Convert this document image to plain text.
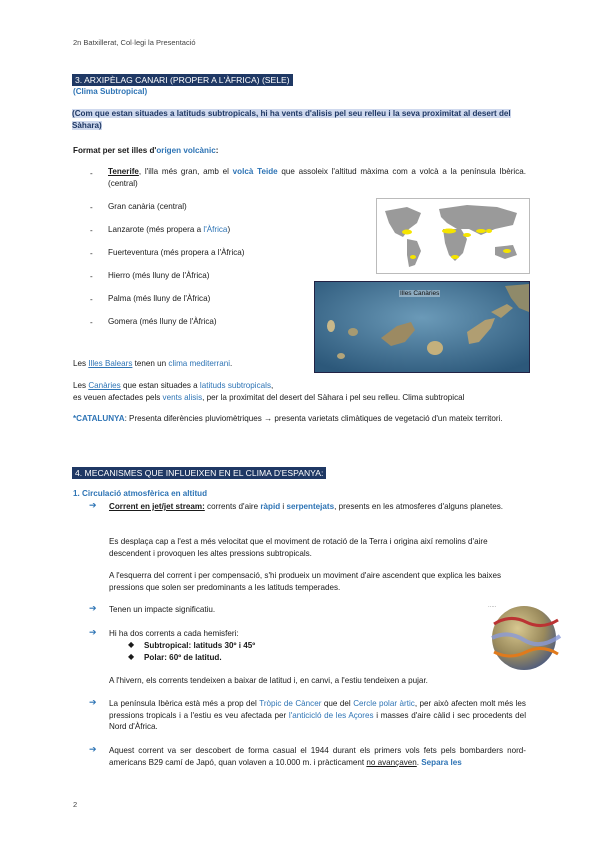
2n Batxillerat, Col·legi la Presentació
3. ARXIPÈLAG CANARI (PROPER A L'ÀFRICA) (SELE)
(Clima Subtropical)
(Com que estan situades a latituds subtropicals, hi ha vents d'alisis pel seu relleu i la seva proximitat al desert del Sàhara)
Format per set illes d'origen volcànic:
- Tenerife, l'illa més gran, amb el volcà Teide que assoleix l'altitud màxima com a volcà a la península Ibèrica. (central)
- Gran canària (central)
- Lanzarote (més propera a l'Àfrica)
- Fuerteventura (més propera a l'Àfrica)
- Hierro (més lluny de l'Àfrica)
- Palma (més lluny de l'Àfrica)
- Gomera (més lluny de l'Àfrica)
Illes Canàries
Les Illes Balears tenen un clima mediterrani.
Les Canàries que estan situades a latituds subtropicals,
es veuen afectades pels vents alisis, per la proximitat del desert del Sàhara i pel seu relleu. Clima subtropical
*CATALUNYA: Presenta diferències pluviomètriques → presenta varietats climàtiques de vegetació d'un mateix territori.
4. MECANISMES QUE INFLUEIXEN EN EL CLIMA D'ESPANYA:
1. Circulació atmosfèrica en altitud
➔ Corrent en jet/jet stream: corrents d'aire ràpid i serpentejats, presents en les atmosferes d'alguns planetes.
Es desplaça cap a l'est a més velocitat que el moviment de rotació de la Terra i origina així remolins d'aire descendent i provoquen les altes pressions subtropicals.
A l'esquerra del corrent i per compensació, s'hi produeix un moviment d'aire ascendent que explica les baixes pressions que solen ser predominants a les latituds temperades.
➔ Tenen un impacte significatiu.
➔ Hi ha dos corrents a cada hemisferi:
◆ Subtropical: latituds 30º i 45º
◆ Polar: 60º de latitud.
·····
A l'hivern, els corrents tendeixen a baixar de latitud i, en canvi, a l'estiu tendeixen a pujar.
➔ La península Ibèrica està més a prop del Tròpic de Càncer que del Cercle polar àrtic, per això afecten molt més les pressions tropicals i a l'estiu es veu afectada per l'anticicló de les Açores i masses d'aire càlid i sec procedents del Nord d'Àfrica.
➔ Aquest corrent va ser descobert de forma casual el 1944 durant els primers vols fets pels bombarders nord-americans B29 camí de Japó, quan volaven a 10.000 m. i pràcticament no avançaven. Separa les
2
